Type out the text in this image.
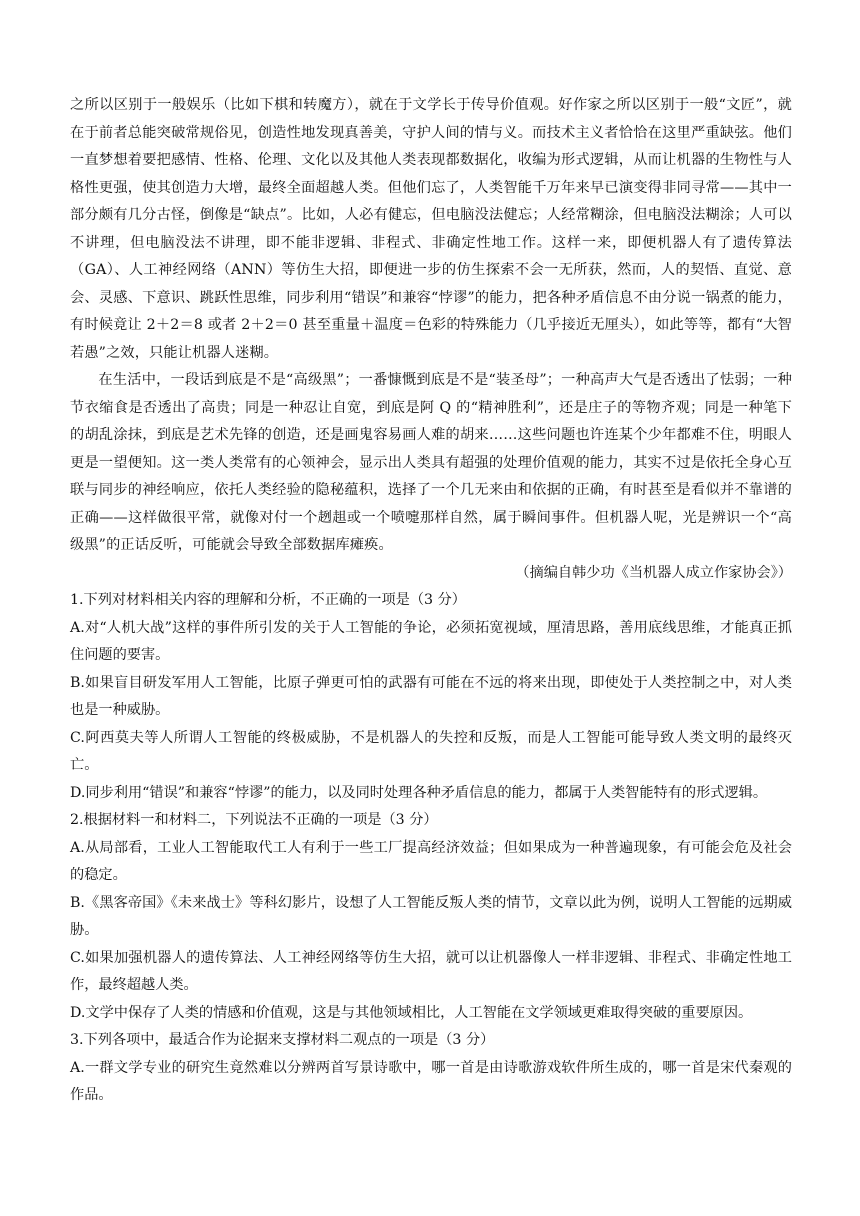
之所以区别于一般娱乐（比如下棋和转魔方），就在于文学长于传导价值观。好作家之所以区别于一般“文匠”，就在于前者总能突破常规俗见，创造性地发现真善美，守护人间的情与义。而技术主义者恰恰在这里严重缺弦。他们一直梦想着要把感情、性格、伦理、文化以及其他人类表现都数据化，收编为形式逻辑，从而让机器的生物性与人格性更强，使其创造力大增，最终全面超越人类。但他们忘了，人类智能千万年来早已演变得非同寻常——其中一部分颇有几分古怪，倒像是“缺点”。比如，人必有健忘，但电脑没法健忘；人经常糊涂，但电脑没法糊涂；人可以不讲理，但电脑没法不讲理，即不能非逻辑、非程式、非确定性地工作。这样一来，即便机器人有了遗传算法（GA）、人工神经网络（ANN）等仿生大招，即便进一步的仿生探索不会一无所获，然而，人的契悟、直觉、意会、灵感、下意识、跳跃性思维，同步利用“错误”和兼容“悖谬”的能力，把各种矛盾信息不由分说一锅煮的能力，有时候竟让 2＋2＝8 或者 2＋2＝0 甚至重量＋温度＝色彩的特殊能力（几乎接近无厘头），如此等等，都有“大智若愚”之效，只能让机器人迷糊。

在生活中，一段话到底是不是“高级黑”；一番慷慨到底是不是“装圣母”；一种高声大气是否透出了怯弱；一种节衣缩食是否透出了高贵；同是一种忍让自宽，到底是阿 Q 的“精神胜利”，还是庄子的等物齐观；同是一种笔下的胡乱涂抹，到底是艺术先锋的创造，还是画鬼容易画人难的胡来……这些问题也许连某个少年都难不住，明眼人更是一望便知。这一类人类常有的心领神会，显示出人类具有超强的处理价值观的能力，其实不过是依托全身心互联与同步的神经响应，依托人类经验的隐秘蕴积，选择了一个几无来由和依据的正确，有时甚至是看似并不靠谱的正确——这样做很平常，就像对付一个趔趄或一个喷嚏那样自然，属于瞬间事件。但机器人呢，光是辨识一个“高级黑”的正话反听，可能就会导致全部数据库瘫痪。

（摘编自韩少功《当机器人成立作家协会》）

1.下列对材料相关内容的理解和分析，不正确的一项是（3 分）

A.对“人机大战”这样的事件所引发的关于人工智能的争论，必须拓宽视域，厘清思路，善用底线思维，才能真正抓住问题的要害。

B.如果盲目研发军用人工智能，比原子弹更可怕的武器有可能在不远的将来出现，即使处于人类控制之中，对人类也是一种威胁。

C.阿西莫夫等人所谓人工智能的终极威胁，不是机器人的失控和反叛，而是人工智能可能导致人类文明的最终灭亡。

D.同步利用“错误”和兼容“悖谬”的能力，以及同时处理各种矛盾信息的能力，都属于人类智能特有的形式逻辑。

2.根据材料一和材料二，下列说法不正确的一项是（3 分）

A.从局部看，工业人工智能取代工人有利于一些工厂提高经济效益；但如果成为一种普遍现象，有可能会危及社会的稳定。

B.《黑客帝国》《未来战士》等科幻影片，设想了人工智能反叛人类的情节，文章以此为例，说明人工智能的远期威胁。

C.如果加强机器人的遗传算法、人工神经网络等仿生大招，就可以让机器像人一样非逻辑、非程式、非确定性地工作，最终超越人类。

D.文学中保存了人类的情感和价值观，这是与其他领域相比，人工智能在文学领域更难取得突破的重要原因。

3.下列各项中，最适合作为论据来支撑材料二观点的一项是（3 分）

A.一群文学专业的研究生竟然难以分辨两首写景诗歌中，哪一首是由诗歌游戏软件所生成的，哪一首是宋代秦观的作品。
